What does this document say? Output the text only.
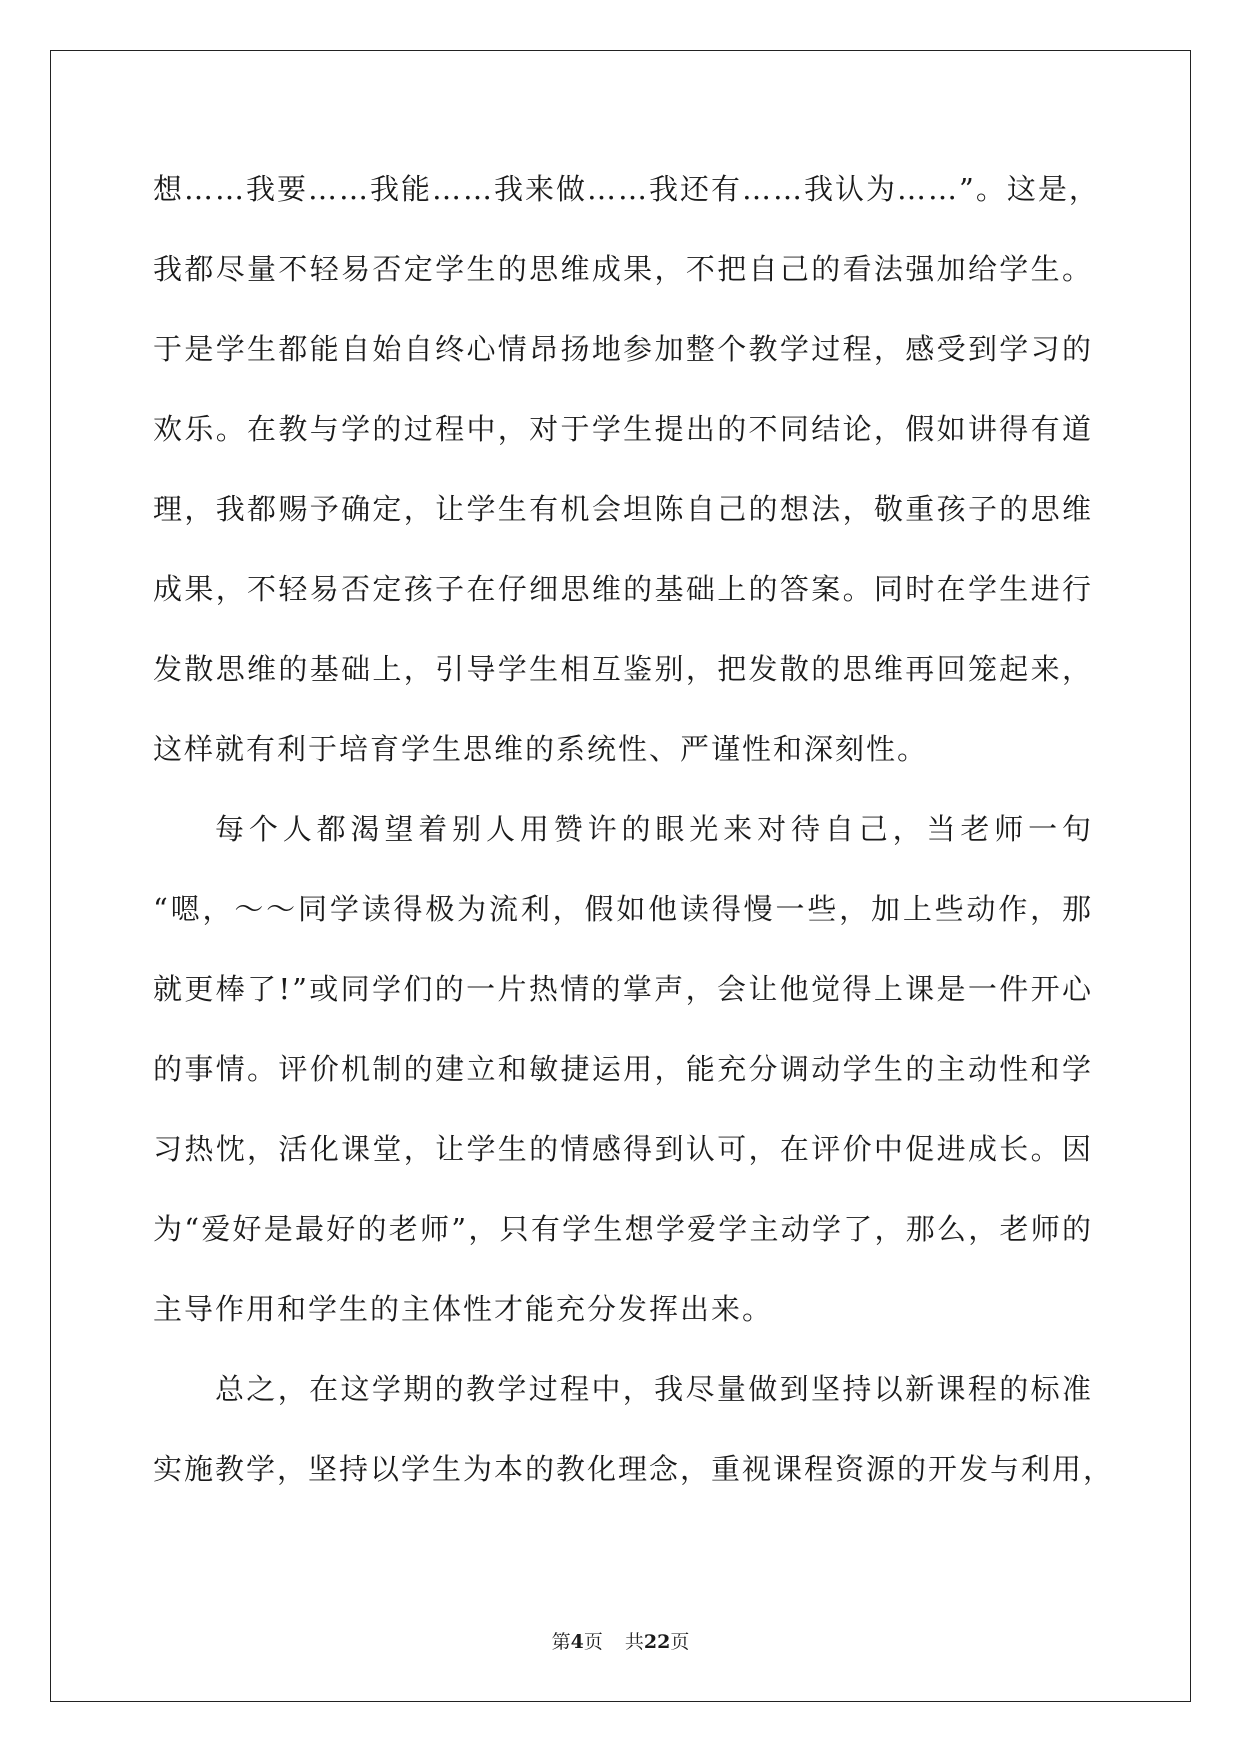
想……我要……我能……我来做……我还有……我认为……”。这是，
我都尽量不轻易否定学生的思维成果，不把自己的看法强加给学生。
于是学生都能自始自终心情昂扬地参加整个教学过程，感受到学习的
欢乐。在教与学的过程中，对于学生提出的不同结论，假如讲得有道
理，我都赐予确定，让学生有机会坦陈自己的想法，敬重孩子的思维
成果，不轻易否定孩子在仔细思维的基础上的答案。同时在学生进行
发散思维的基础上，引导学生相互鉴别，把发散的思维再回笼起来，
这样就有利于培育学生思维的系统性、严谨性和深刻性。
每个人都渴望着别人用赞许的眼光来对待自己，当老师一句
“嗯，～～同学读得极为流利，假如他读得慢一些，加上些动作，那
就更棒了!”或同学们的一片热情的掌声，会让他觉得上课是一件开心
的事情。评价机制的建立和敏捷运用，能充分调动学生的主动性和学
习热忱，活化课堂，让学生的情感得到认可，在评价中促进成长。因
为“爱好是最好的老师”，只有学生想学爱学主动学了，那么，老师的
主导作用和学生的主体性才能充分发挥出来。
总之，在这学期的教学过程中，我尽量做到坚持以新课程的标准
实施教学，坚持以学生为本的教化理念，重视课程资源的开发与利用，
第4页 共22页
